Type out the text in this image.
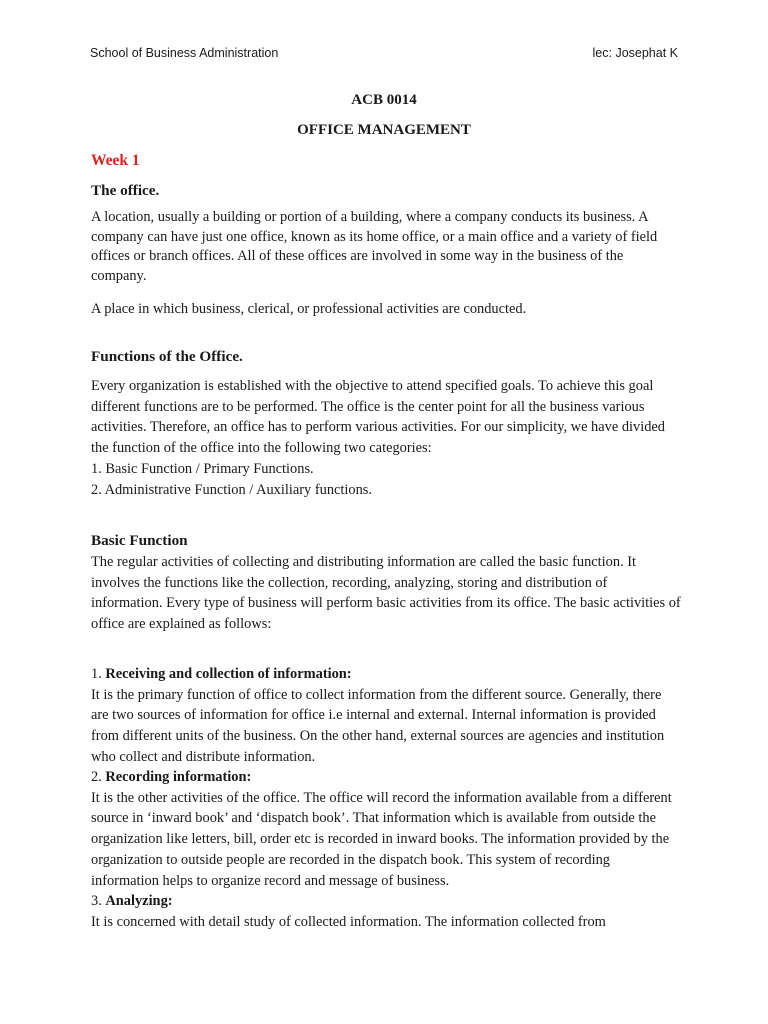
School of Business Administration	lec: Josephat K
ACB 0014
OFFICE MANAGEMENT
Week 1
The office.

A location, usually a building or portion of a building, where a company conducts its business. A company can have just one office, known as its home office, or a main office and a variety of field offices or branch offices. All of these offices are involved in some way in the business of the company.

A place in which business, clerical, or professional activities are conducted.

Functions of the Office.

Every organization is established with the objective to attend specified goals. To achieve this goal different functions are to be performed. The office is the center point for all the business various activities. Therefore, an office has to perform various activities. For our simplicity, we have divided the function of the office into the following two categories:

1. Basic Function / Primary Functions.
2. Administrative Function / Auxiliary functions.
Basic Function

The regular activities of collecting and distributing information are called the basic function. It involves the functions like the collection, recording, analyzing, storing and distribution of information. Every type of business will perform basic activities from its office. The basic activities of office are explained as follows:

1. Receiving and collection of information:

It is the primary function of office to collect information from the different source. Generally, there are two sources of information for office i.e internal and external. Internal information is provided from different units of the business. On the other hand, external sources are agencies and institution who collect and distribute information.

2. Recording information:

It is the other activities of the office. The office will record the information available from a different source in ‘inward book’ and ‘dispatch book’. That information which is available from outside the organization like letters, bill, order etc is recorded in inward books. The information provided by the organization to outside people are recorded in the dispatch book. This system of recording information helps to organize record and message of business.

3. Analyzing:

It is concerned with detail study of collected information. The information collected from
